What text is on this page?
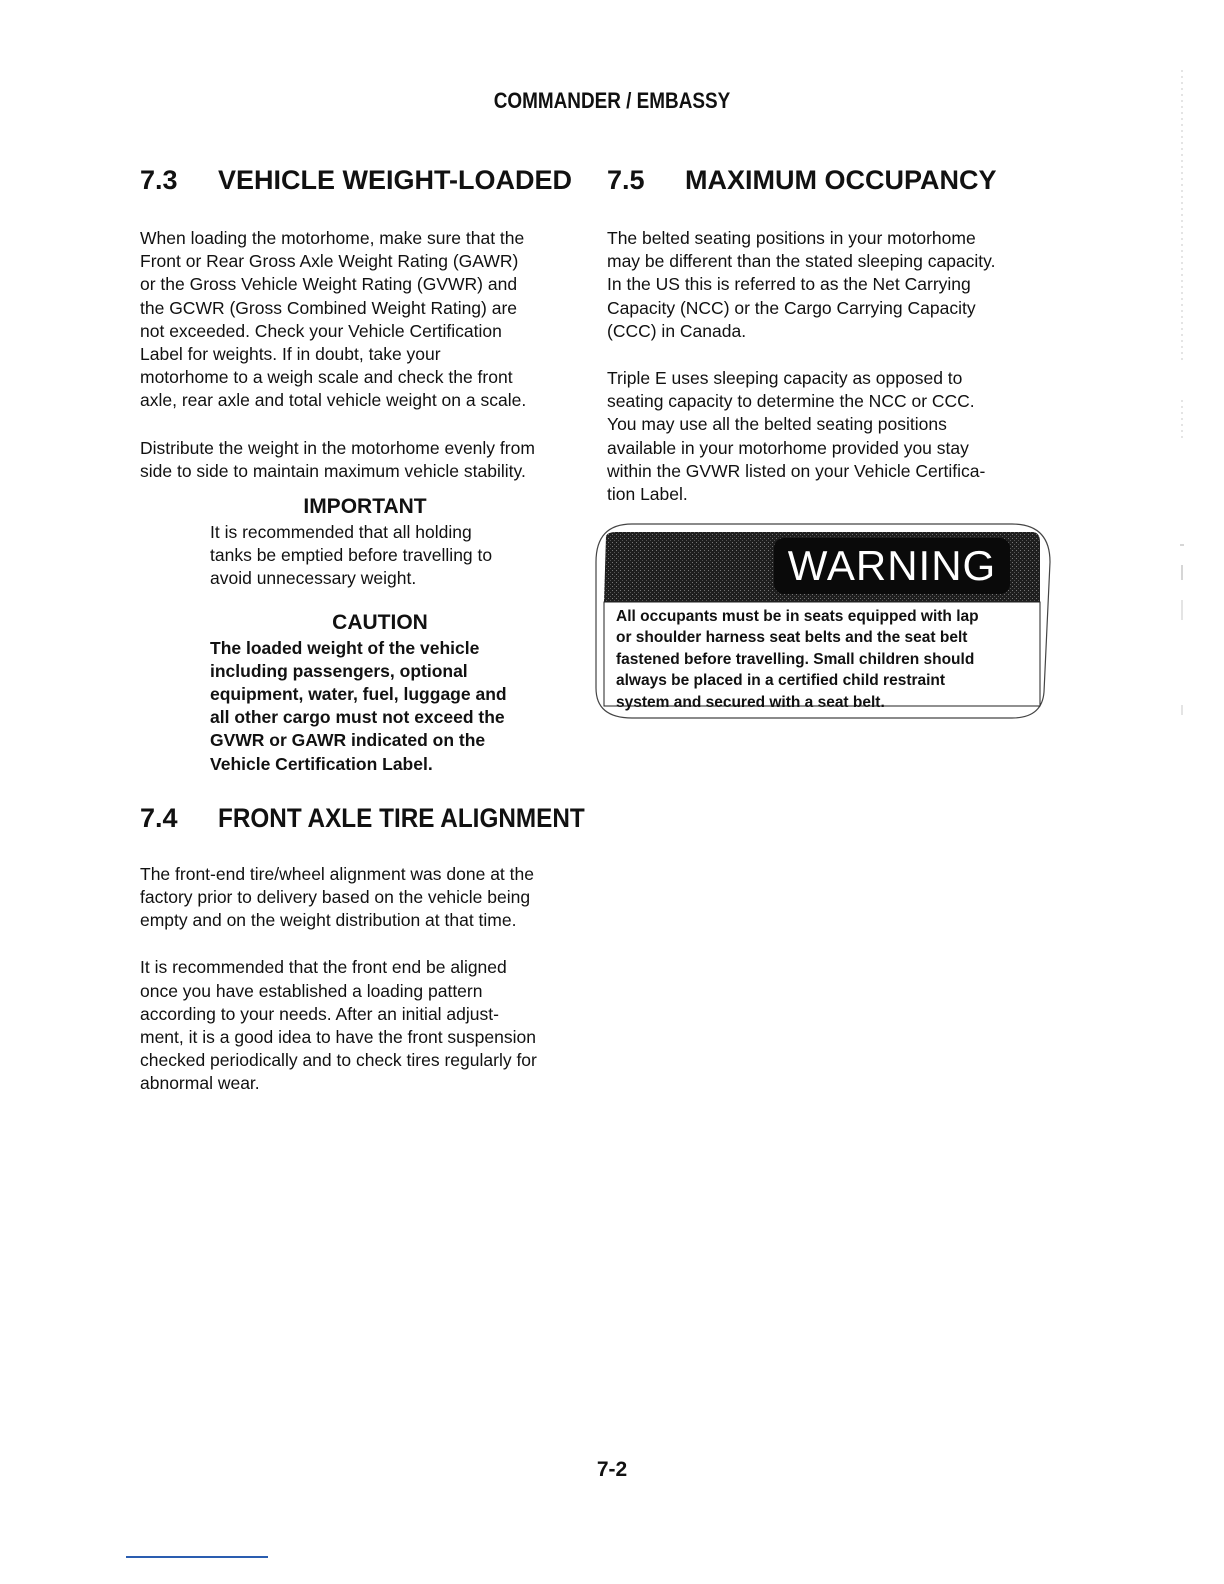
COMMANDER / EMBASSY
7.3 VEHICLE WEIGHT-LOADED

When loading the motorhome, make sure that the
Front or Rear Gross Axle Weight Rating (GAWR)
or the Gross Vehicle Weight Rating (GVWR) and
the GCWR (Gross Combined Weight Rating) are
not exceeded. Check your Vehicle Certification
Label for weights. If in doubt, take your
motorhome to a weigh scale and check the front
axle, rear axle and total vehicle weight on a scale.

Distribute the weight in the motorhome evenly from
side to side to maintain maximum vehicle stability.

IMPORTANT

It is recommended that all holding
tanks be emptied before travelling to
avoid unnecessary weight.

CAUTION

The loaded weight of the vehicle
including passengers, optional
equipment, water, fuel, luggage and
all other cargo must not exceed the
GVWR or GAWR indicated on the
Vehicle Certification Label.

7.4 FRONT AXLE TIRE ALIGNMENT

The front-end tire/wheel alignment was done at the
factory prior to delivery based on the vehicle being
empty and on the weight distribution at that time.

It is recommended that the front end be aligned
once you have established a loading pattern
according to your needs. After an initial adjust-
ment, it is a good idea to have the front suspension
checked periodically and to check tires regularly for
abnormal wear.

7.5 MAXIMUM OCCUPANCY

The belted seating positions in your motorhome
may be different than the stated sleeping capacity.
In the US this is referred to as the Net Carrying
Capacity (NCC) or the Cargo Carrying Capacity
(CCC) in Canada.

Triple E uses sleeping capacity as opposed to
seating capacity to determine the NCC or CCC.
You may use all the belted seating positions
available in your motorhome provided you stay
within the GVWR listed on your Vehicle Certifica-
tion Label.

WARNING
All occupants must be in seats equipped with lap
or shoulder harness seat belts and the seat belt
fastened before travelling. Small children should
always be placed in a certified child restraint
system and secured with a seat belt.
7-2
